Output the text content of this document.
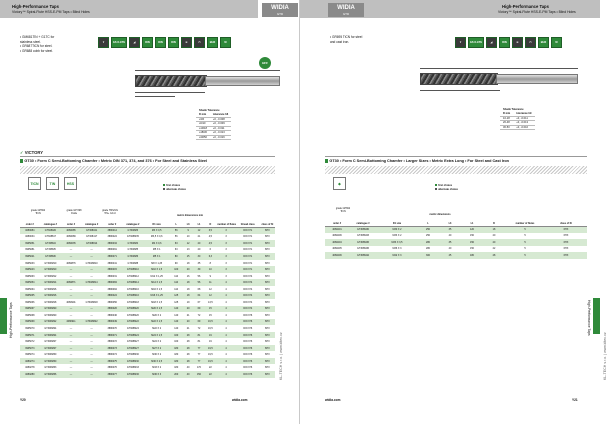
High-Performance Taps
Victory™ Spiral-Flute HSS-E-PM Taps • Blind Holes
WIDIA
GTD
• GM681TIN + G1TC for
stainless steel.
• GR687TiCN for steel.
• GR688 cobb for steel.
▼	GS 8-1/TE	◢	DIN	DIN	DIN	≋	⊓	BHX	M
HFF
Shank Tolerance	
D mm	tolerance h6
≤3/6	+0, -0.008
≥6/10	+0, -0.009
≥10/18	+0, -0.011
≥18/30	+0, -0.013
≥30/50	+0, -0.016
✓ VICTORY
GT30 • Form C Semi-Bottoming Chamfer • Metric DIN 371, 374, and 376 • For Steel and Stainless Steel
TiCN	TIN	HSS	first choice
alternate choice
grade GP692
TiCN
grade GP 698
Oxide
grade HSS/GS
TiN+ GC-0
metric dimensions mm
order #	catalogue #	order #	catalogue #	order #	catalogue #	D1 size	L	L3	L1	D	number of flutes	thread class	class of fit
4080084	GT308020	4080085	GT308021	3880014	GT308M3	M3 X 0,5	56	9	12	3,5	3	DIN 371	6HX
4080034	GT308817	4080089	GT308417	3880024	GT308M35	M3,5 X 0,6	56	10	21	4,5	3	DIN 371	6HX
3965051	GT308M4	4080035	GT308814	3880034	GT308M4	M4 X 0,6	63	12	20	4,5	3	DIN 371	6HX
3965081	GT308M5	—	—	3880091	GT308M5	M5 X 1	63	13	20	6	3	DIN 371	6HX
3965021	GT308M6	—	—	3880071	GT308M6	M5 X 1	80	15	30	6,3	3	DIN 371	6HX
3965033	GT308M10	4080876	GT308M10	3880041	GT308M8	M8 X 1,25	90	18	35	8	3	DIN 371	6HX
3965043	GT308M10	—	—	3880015	GT308M10	M10 X 1,5	100	20	39	10	3	DIN 371	6HX
3965063	GT308M12	—	—	3880031	GT308M12	M12 X 1,25	110	16	56	9	3	DIN 374	6HX
3965054	GT308M14	4080871	GT308M14	3880084	GT308M14	M14 X 1,5	110	18	56	11	4	DIN 374	6HX
3965064	GT308M16	—	—	3880094	GT308M16	M16 X 1,5	110	18	68	12	4	DIN 374	6HX
3965065	GT308M16	—	—	3880024	GT308M16	M16 X 1,25	125	18	64	12	4	DIN 374	6HX
3965066	GT308M18	4080901	GT308M18	3880056	GT308M18	M18 X 1,5	125	19	67	13,5	4	DIN 374	6HX
3965067	GT308M20	—	—	3880026	GT308M20	M20 X 1,5	140	20	69	15	4	DIN 374	6HX
3965068	GT308M20	—	—	3880046	GT308M20	M20 X 2	140	21	72	15	4	DIN 376	6HX
3965069	GT308M22	4080911	GT308M22	3880049	GT308M22	M22 X 1,5	140	20	69	16,5	4	DIN 376	6HX
3965070	GT308M24	—	—	3880070	GT308M24	M22 X 2	140	21	72	16,5	4	DIN 376	6HX
3965071	GT308M24	—	—	3880071	GT308M24	M24 X 1,5	160	28	81	19	4	DIN 376	6HX
3965072	GT308M27	—	—	3880072	GT308M27	M24 X 2	160	28	81	19	4	DIN 376	6HX
3965073	GT308M27	—	—	3880073	GT308M27	M27 X 2	180	28	77	19,5	4	DIN 376	6HX
3965074	GT308M30	—	—	3880074	GT308M30	M30 X 2	180	28	77	19,5	4	DIN 376	6HX
4080274	GT308M30	—	—	3880075	GT308M30	M30 X 2,5	180	28	77	19,5	4	DIN 376	6HX
4080278	GT308M33	—	—	3880076	GT308M33	M33 X 2	180	40	170	22	4	DIN 376	6HX
4080280	GT308M36	—	—	3880077	GT308M36	M36 X 3	200	40	150	22	4	DIN 376	6HX
High-Performance Taps
Y20	widia.com
KL-TECH s.r.o. | www.kltec.cz
WIDIA
GTD
High-Performance Taps
Victory™ Spiral-Flute HSS-E-PM Taps • Blind Holes
• GR695 TiCN for steel
and cast iron.	▼	GS 8-1/TE	◢	DIN	≋	⊓	BHX	M
Shank Tolerance	
D mm	tolerance h9
10-18	+0, -0.011
20-48	+0, -0.013
30-50	+0, -0.016
GT30 • Form C Semi-Bottoming Chamfer • Larger Sizes • Metric Extra Long • For Steel and Cast Iron
◆	first choice
alternate choice
grade GP692
TiCN
metric dimensions
order #	catalogue #	D1 size	L	L3	L1	D	number of flutes	class of fit
4080201	GT308M30	M30 X 2	250	35	120	18	5	6HX
4080206	GT308M33	M33 X 2	250	40	150	20	5	6HX
4080204	GT308M36	M33 X 3,5	280	35	150	20	5	6HX
4080205	GT308M36	M36 X 3	280	40	150	22	5	6HX
4080206	GT308M42	M42 X 3	300	45	180	28	5	6HX
High-Performance Taps
widia.com	Y21
KL-TECH s.r.o. | www.kltec.cz
